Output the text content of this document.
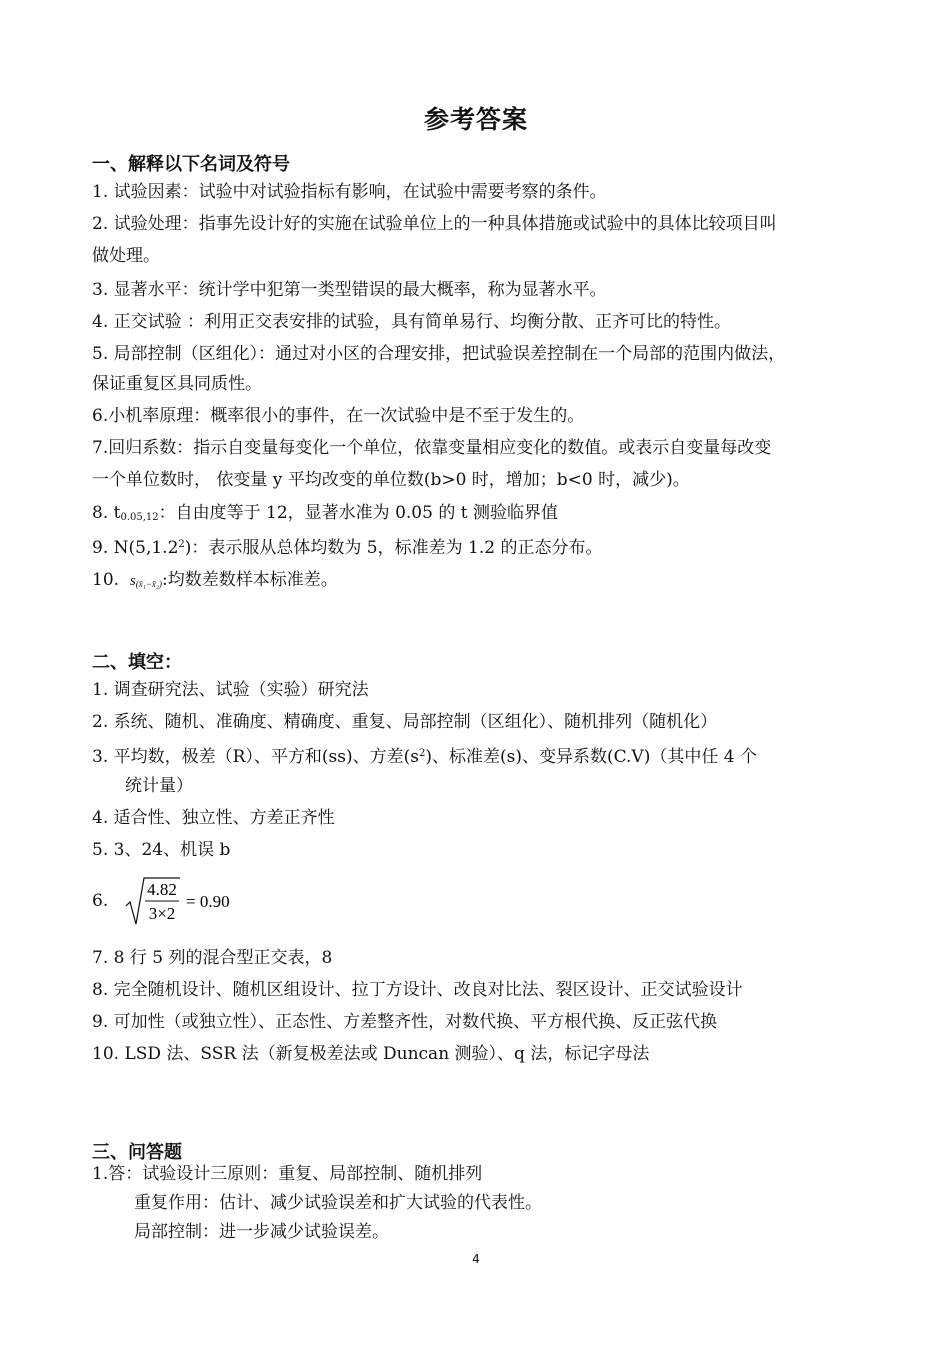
参考答案
一、解释以下名词及符号
1. 试验因素：试验中对试验指标有影响，在试验中需要考察的条件。
2. 试验处理：指事先设计好的实施在试验单位上的一种具体措施或试验中的具体比较项目叫
做处理。
3. 显著水平：统计学中犯第一类型错误的最大概率，称为显著水平。
4. 正交试验 ：利用正交表安排的试验，具有简单易行、均衡分散、正齐可比的特性。
5. 局部控制（区组化）：通过对小区的合理安排，把试验误差控制在一个局部的范围内做法，
保证重复区具同质性。
6.小机率原理：概率很小的事件，在一次试验中是不至于发生的。
7.回归系数：指示自变量每变化一个单位，依靠变量相应变化的数值。或表示自变量每改变
一个单位数时， 依变量 y 平均改变的单位数(b>0 时，增加；b<0 时，减少)。
8. $t_{0.05,12}$：自由度等于 12，显著水准为 0.05 的 t 测验临界值
9. N(5,1.2$^2$)：表示服从总体均数为 5，标准差为 1.2 的正态分布。
10. $s_{(x̄_1-x̄_2)}$:均数差数样本标准差。
二、填空：
1. 调查研究法、试验（实验）研究法
2. 系统、随机、准确度、精确度、重复、局部控制（区组化）、随机排列（随机化）
3. 平均数，极差（R）、平方和(ss)、方差$(s^2)$、标准差(s)、变异系数(C.V)（其中任 4 个
统计量）
4. 适合性、独立性、方差正齐性
5. 3、24、机误 b
6.
4.82
3×2
= 0.90
7. 8 行 5 列的混合型正交表，8
8. 完全随机设计、随机区组设计、拉丁方设计、改良对比法、裂区设计、正交试验设计
9. 可加性（或独立性）、正态性、方差整齐性，对数代换、平方根代换、反正弦代换
10. LSD 法、SSR 法（新复极差法或 Duncan 测验）、q 法，标记字母法
三、问答题
1.答：试验设计三原则：重复、局部控制、随机排列
重复作用：估计、减少试验误差和扩大试验的代表性。
局部控制：进一步减少试验误差。
4
